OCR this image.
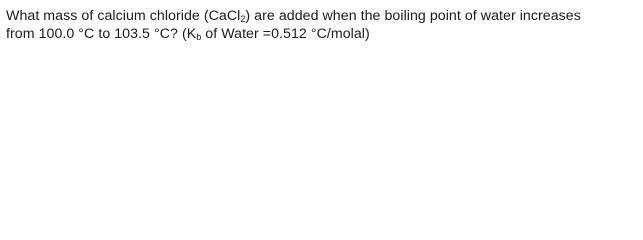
What mass of calcium chloride (CaCl$_2$) are added when the boiling point of water increases
from 100.0 °C to 103.5 °C? ($K_b$ of Water =0.512 °C/molal)
